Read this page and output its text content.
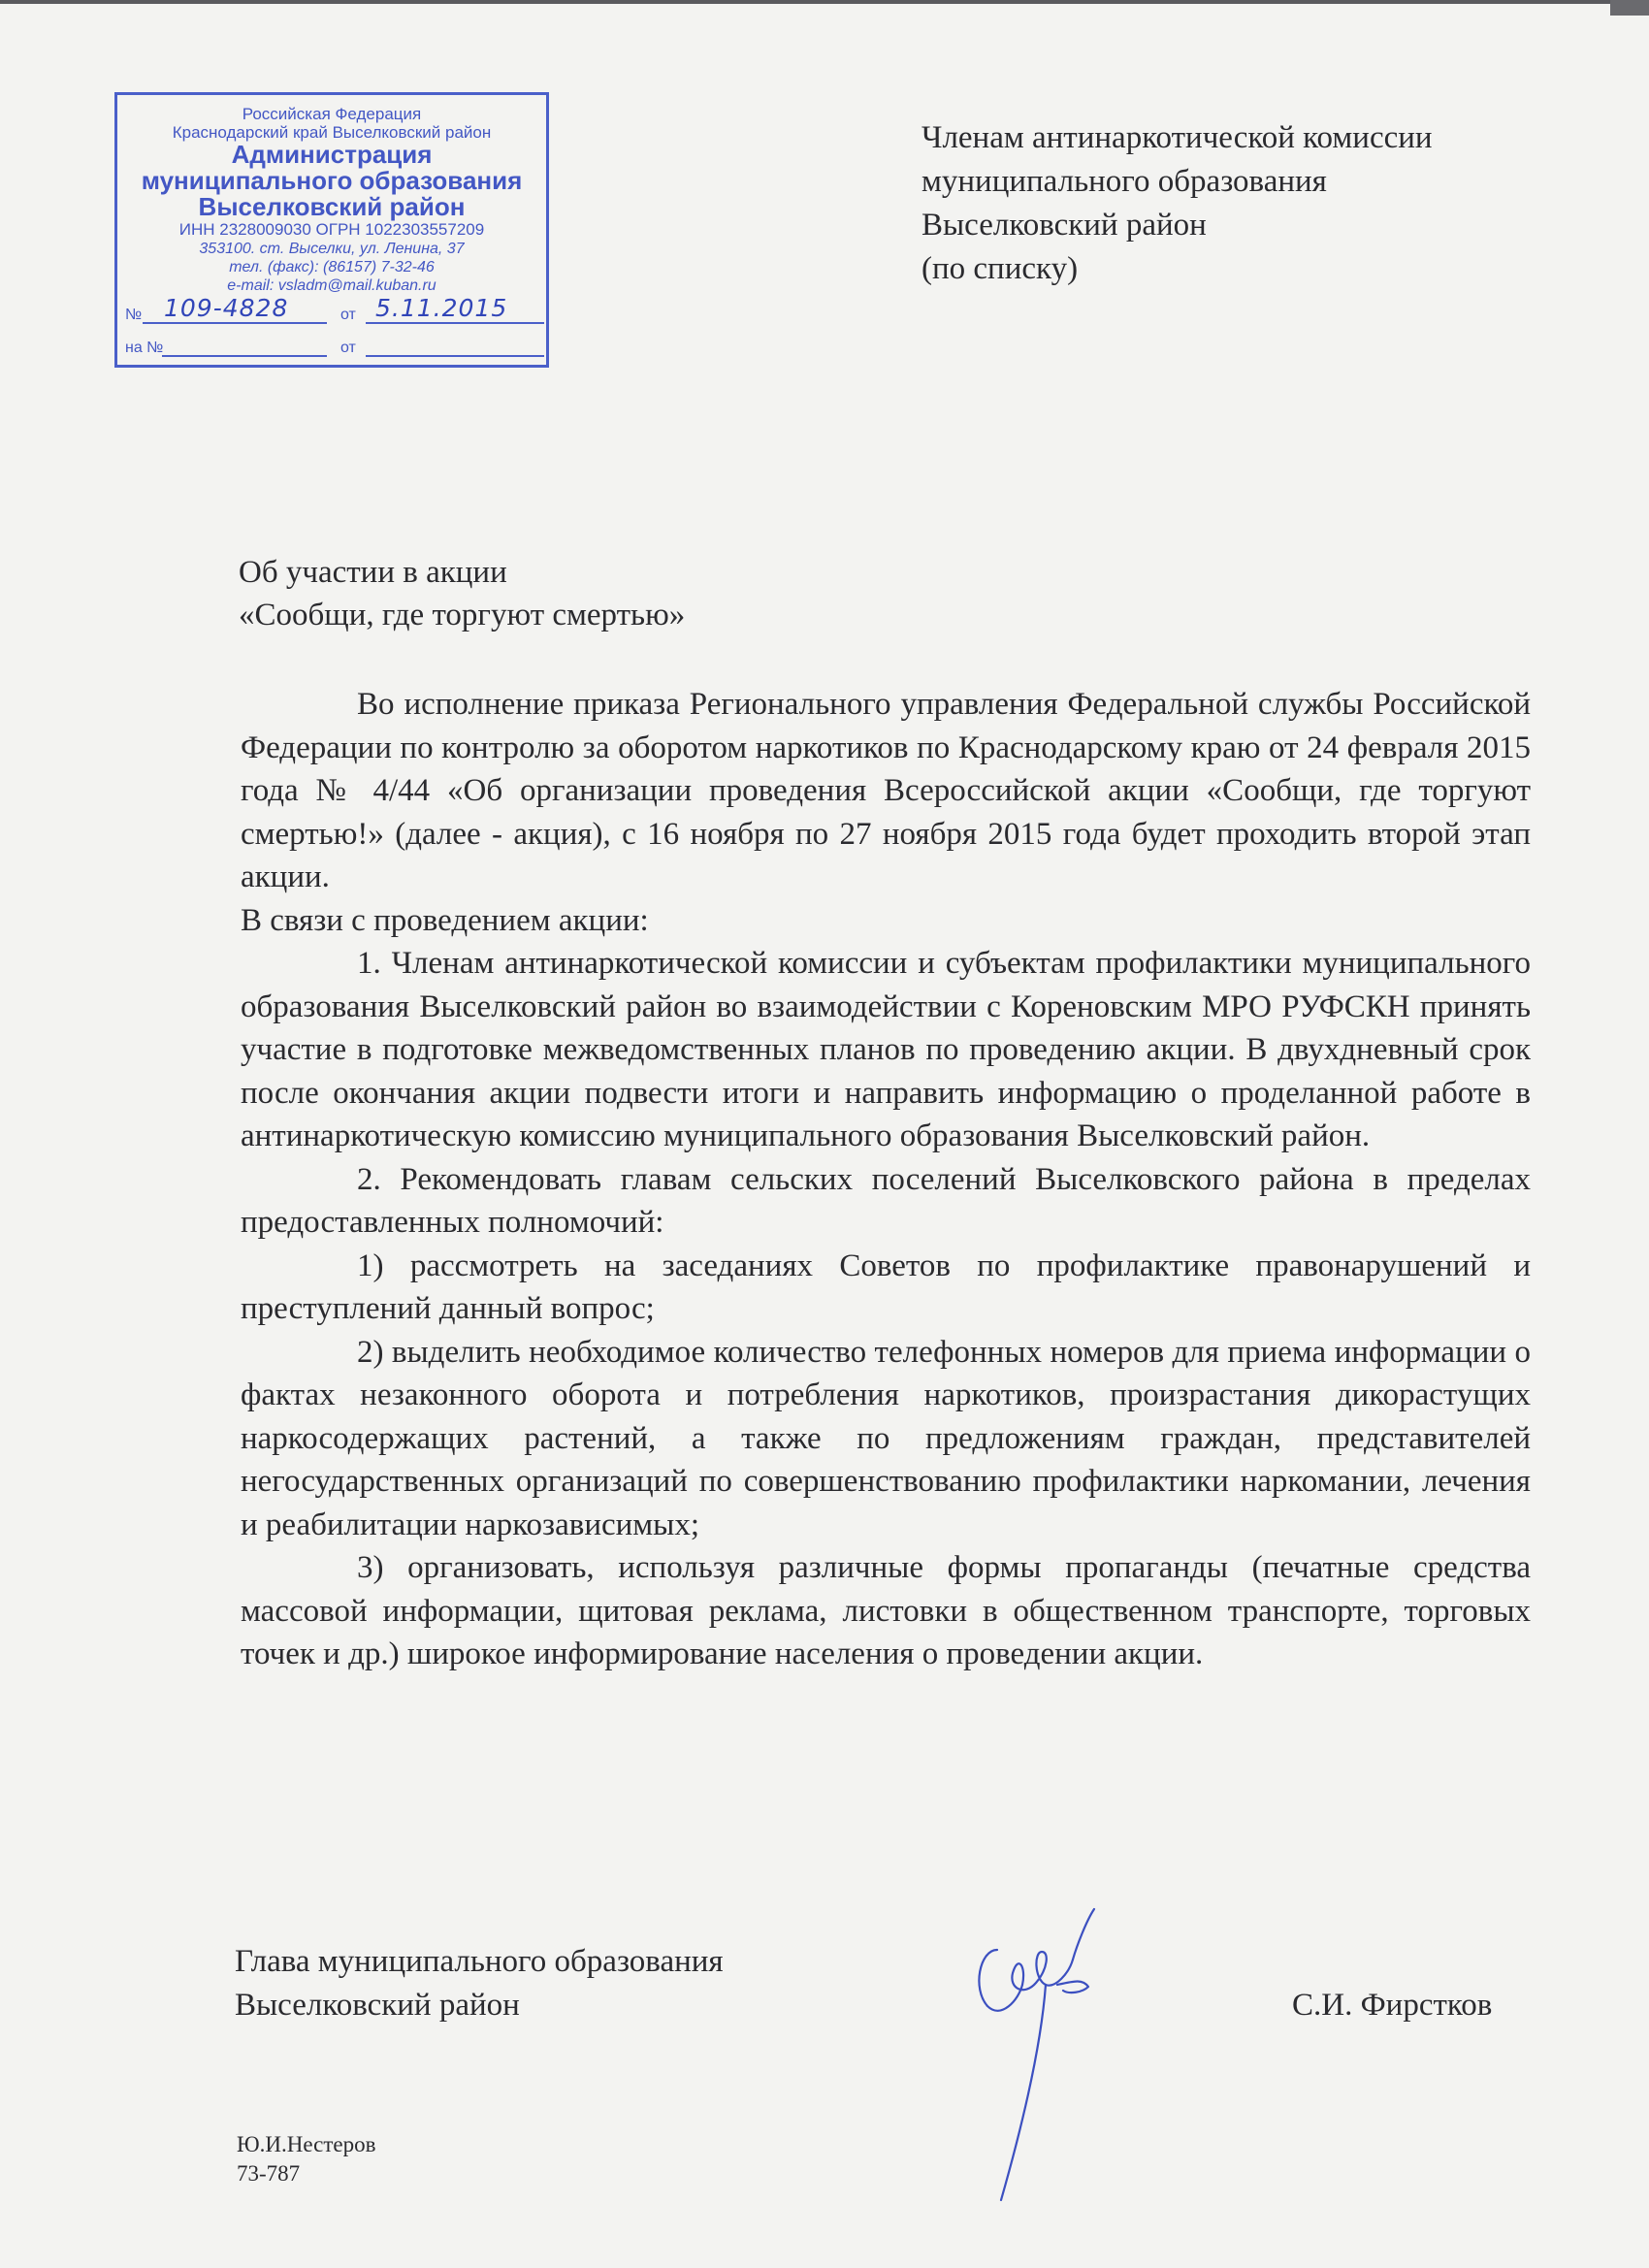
Российская Федерация
Краснодарский край Выселковский район
Администрация
муниципального образования
Выселковский район
ИНН 2328009030 ОГРН 1022303557209
353100. ст. Выселки, ул. Ленина, 37
тел. (факс): (86157) 7-32-46
e-mail: vsladm@mail.kuban.ru
№ 109-4828	от 5.11.2015
на №	от
Членам антинаркотической комиссии
муниципального образования
Выселковский район
(по списку)
Об участии в акции
«Сообщи, где торгуют смертью»

Во исполнение приказа Регионального управления Федеральной службы Российской Федерации по контролю за оборотом наркотиков по Краснодарскому краю от 24 февраля 2015 года № 4/44 «Об организации проведения Всероссийской акции «Сообщи, где торгуют смертью!» (далее - акция), с 16 ноября по 27 ноября 2015 года будет проходить второй этап акции.

В связи с проведением акции:

1. Членам антинаркотической комиссии и субъектам профилактики муниципального образования Выселковский район во взаимодействии с Кореновским МРО РУФСКН принять участие в подготовке межведомственных планов по проведению акции. В двухдневный срок после окончания акции подвести итоги и направить информацию о проделанной работе в антинаркотическую комиссию муниципального образования Выселковский район.

2. Рекомендовать главам сельских поселений Выселковского района в пределах предоставленных полномочий:

1) рассмотреть на заседаниях Советов по профилактике правонарушений и преступлений данный вопрос;

2) выделить необходимое количество телефонных номеров для приема информации о фактах незаконного оборота и потребления наркотиков, произрастания дикорастущих наркосодержащих растений, а также по предложениям граждан, представителей негосударственных организаций по совершенствованию профилактики наркомании, лечения и реабилитации наркозависимых;

3) организовать, используя различные формы пропаганды (печатные средства массовой информации, щитовая реклама, листовки в общественном транспорте, торговых точек и др.) широкое информирование населения о проведении акции.

Глава муниципального образования
Выселковский район	С.И. Фирстков
Ю.И.Нестеров
73-787
